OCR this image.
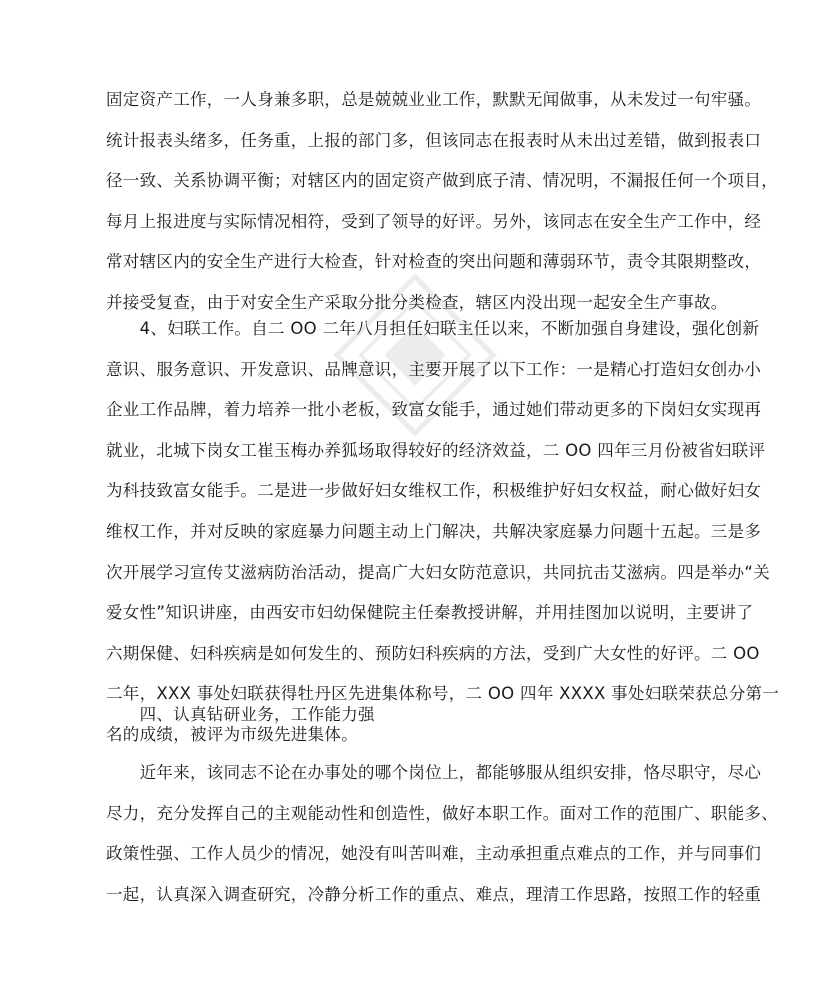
固定资产工作，一人身兼多职，总是兢兢业业工作，默默无闻做事，从未发过一句牢骚。
统计报表头绪多，任务重，上报的部门多，但该同志在报表时从未出过差错，做到报表口
径一致、关系协调平衡；对辖区内的固定资产做到底子清、情况明，不漏报任何一个项目，
每月上报进度与实际情况相符，受到了领导的好评。另外，该同志在安全生产工作中，经
常对辖区内的安全生产进行大检查，针对检查的突出问题和薄弱环节，责令其限期整改，
并接受复查，由于对安全生产采取分批分类检查，辖区内没出现一起安全生产事故。
　　4、妇联工作。自二 OO 二年八月担任妇联主任以来，不断加强自身建设，强化创新
意识、服务意识、开发意识、品牌意识，主要开展了以下工作：一是精心打造妇女创办小
企业工作品牌，着力培养一批小老板，致富女能手，通过她们带动更多的下岗妇女实现再
就业，北城下岗女工崔玉梅办养狐场取得较好的经济效益，二 OO 四年三月份被省妇联评
为科技致富女能手。二是进一步做好妇女维权工作，积极维护好妇女权益，耐心做好妇女
维权工作，并对反映的家庭暴力问题主动上门解决，共解决家庭暴力问题十五起。三是多
次开展学习宣传艾滋病防治活动，提高广大妇女防范意识，共同抗击艾滋病。四是举办“关
爱女性”知识讲座，由西安市妇幼保健院主任秦教授讲解，并用挂图加以说明，主要讲了
六期保健、妇科疾病是如何发生的、预防妇科疾病的方法，受到广大女性的好评。二 OO
二年，XXX 事处妇联获得牡丹区先进集体称号，二 OO 四年 XXXX 事处妇联荣获总分第一
名的成绩，被评为市级先进集体。
　　四、认真钻研业务，工作能力强
　　近年来，该同志不论在办事处的哪个岗位上，都能够服从组织安排，恪尽职守，尽心
尽力，充分发挥自己的主观能动性和创造性，做好本职工作。面对工作的范围广、职能多、
政策性强、工作人员少的情况，她没有叫苦叫难，主动承担重点难点的工作，并与同事们
一起，认真深入调查研究，冷静分析工作的重点、难点，理清工作思路，按照工作的轻重
